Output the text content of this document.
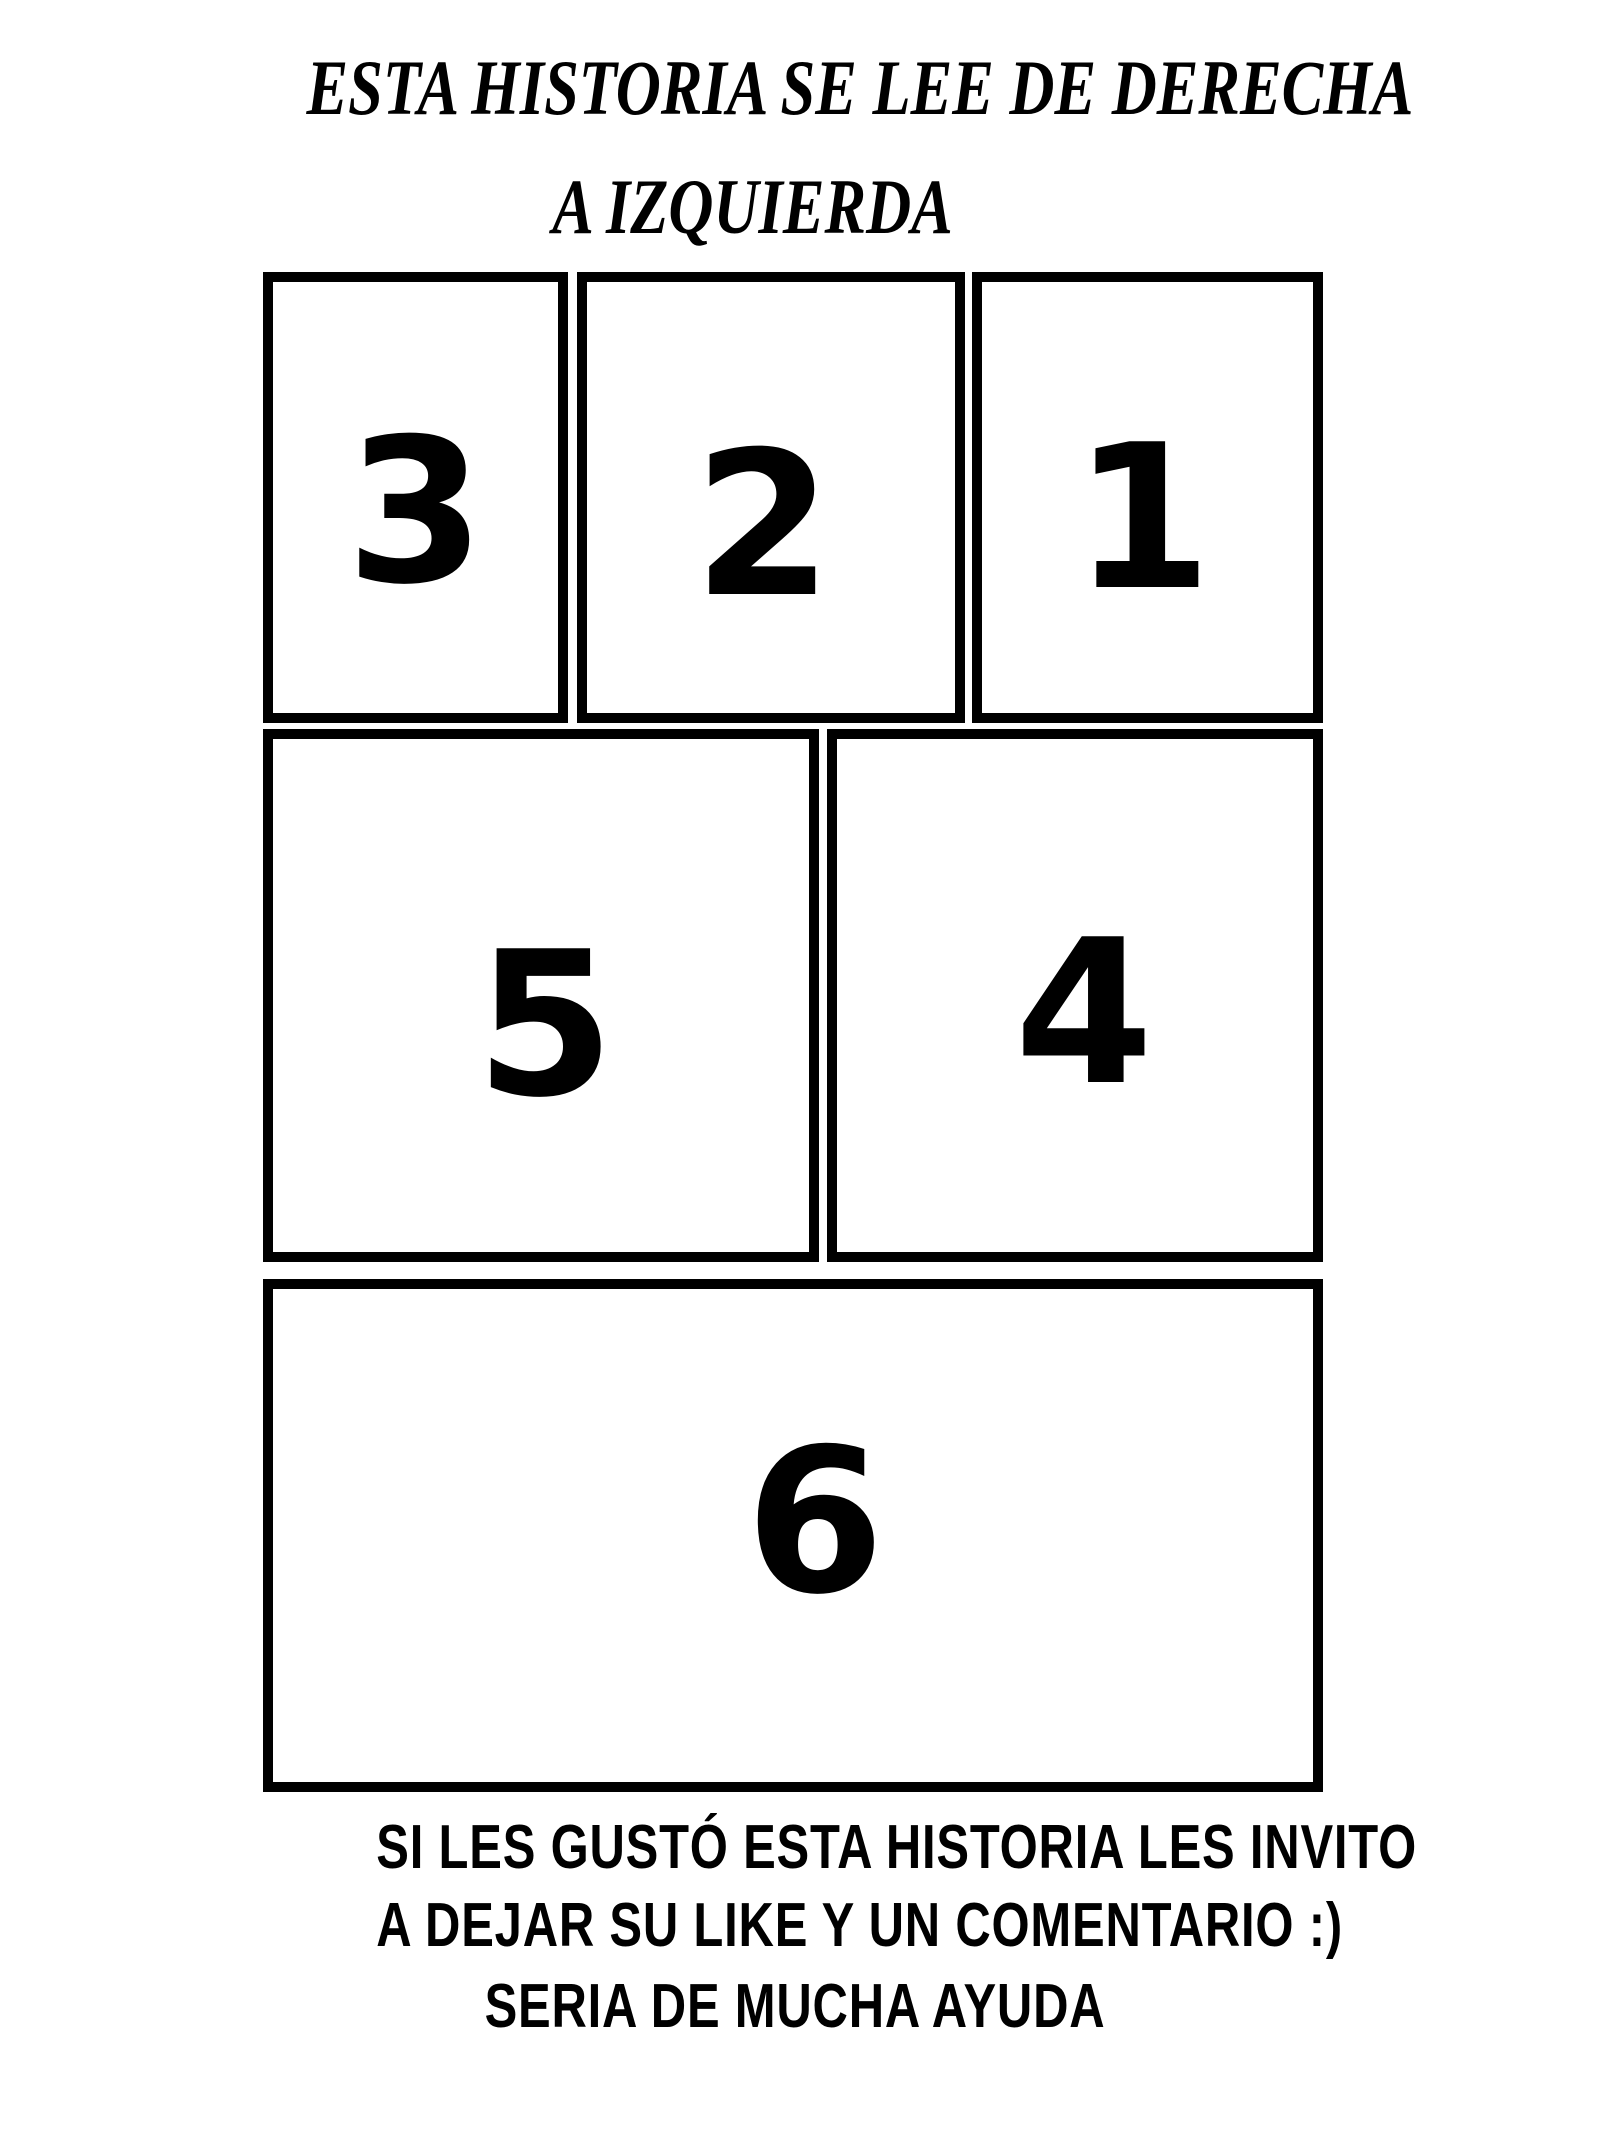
ESTA HISTORIA SE LEE DE DERECHA
A IZQUIERDA
3 2 1
5 4
6

SI LES GUSTÓ ESTA HISTORIA LES INVITO

A DEJAR SU LIKE Y UN COMENTARIO :)

SERIA DE MUCHA AYUDA
